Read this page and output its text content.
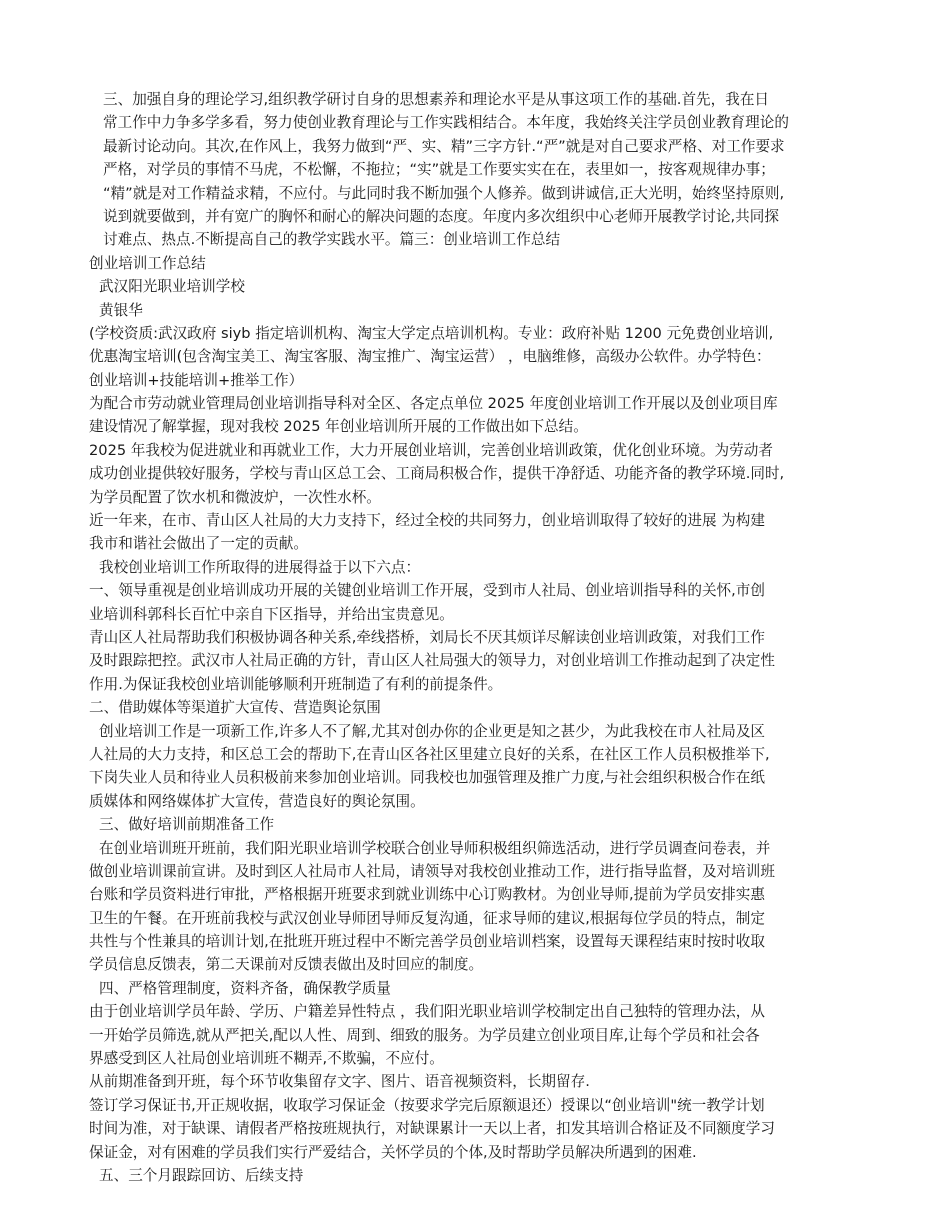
三、加强自身的理论学习,组织教学研讨自身的思想素养和理论水平是从事这项工作的基础.首先，我在日
常工作中力争多学多看，努力使创业教育理论与工作实践相结合。本年度，我始终关注学员创业教育理论的
最新讨论动向。其次,在作风上，我努力做到“严、实、精”三字方针.“严”就是对自己要求严格、对工作要求
严格，对学员的事情不马虎，不松懈，不拖拉；“实”就是工作要实实在在，表里如一，按客观规律办事；
“精”就是对工作精益求精，不应付。与此同时我不断加强个人修养。做到讲诚信,正大光明，始终坚持原则,
说到就要做到，并有宽广的胸怀和耐心的解决问题的态度。年度内多次组织中心老师开展教学讨论,共同探
讨难点、热点.不断提高自己的教学实践水平。篇三：创业培训工作总结
创业培训工作总结
武汉阳光职业培训学校
黄银华
(学校资质:武汉政府 siyb 指定培训机构、淘宝大学定点培训机构。专业：政府补贴 1200 元免费创业培训,
优惠淘宝培训(包含淘宝美工、淘宝客服、淘宝推广、淘宝运营） ，电脑维修，高级办公软件。办学特色：
创业培训+技能培训+推举工作）
为配合市劳动就业管理局创业培训指导科对全区、各定点单位 2025 年度创业培训工作开展以及创业项目库
建设情况了解掌握，现对我校 2025 年创业培训所开展的工作做出如下总结。
2025 年我校为促进就业和再就业工作，大力开展创业培训，完善创业培训政策，优化创业环境。为劳动者
成功创业提供较好服务，学校与青山区总工会、工商局积极合作，提供干净舒适、功能齐备的教学环境.同时,
为学员配置了饮水机和微波炉，一次性水杯。
近一年来，在市、青山区人社局的大力支持下，经过全校的共同努力，创业培训取得了较好的进展 为构建
我市和谐社会做出了一定的贡献。
我校创业培训工作所取得的进展得益于以下六点：
一、领导重视是创业培训成功开展的关键创业培训工作开展，受到市人社局、创业培训指导科的关怀,市创
业培训科郭科长百忙中亲自下区指导，并给出宝贵意见。
青山区人社局帮助我们积极协调各种关系,牵线搭桥，刘局长不厌其烦详尽解读创业培训政策，对我们工作
及时跟踪把控。武汉市人社局正确的方针，青山区人社局强大的领导力，对创业培训工作推动起到了决定性
作用.为保证我校创业培训能够顺利开班制造了有利的前提条件。
二、借助媒体等渠道扩大宣传、营造舆论氛围
创业培训工作是一项新工作,许多人不了解,尤其对创办你的企业更是知之甚少，为此我校在市人社局及区
人社局的大力支持，和区总工会的帮助下,在青山区各社区里建立良好的关系，在社区工作人员积极推举下,
下岗失业人员和待业人员积极前来参加创业培训。同我校也加强管理及推广力度,与社会组织积极合作在纸
质媒体和网络媒体扩大宣传，营造良好的舆论氛围。
三、做好培训前期准备工作
在创业培训班开班前，我们阳光职业培训学校联合创业导师积极组织筛选活动，进行学员调查问卷表，并
做创业培训课前宣讲。及时到区人社局市人社局，请领导对我校创业推动工作，进行指导监督，及对培训班
台账和学员资料进行审批，严格根据开班要求到就业训练中心订购教材。为创业导师,提前为学员安排实惠
卫生的午餐。在开班前我校与武汉创业导师团导师反复沟通，征求导师的建议,根据每位学员的特点，制定
共性与个性兼具的培训计划,在批班开班过程中不断完善学员创业培训档案，设置每天课程结束时按时收取
学员信息反馈表，第二天课前对反馈表做出及时回应的制度。
四、严格管理制度，资料齐备，确保教学质量
由于创业培训学员年龄、学历、户籍差异性特点 ，我们阳光职业培训学校制定出自己独特的管理办法，从
一开始学员筛选,就从严把关,配以人性、周到、细致的服务。为学员建立创业项目库,让每个学员和社会各
界感受到区人社局创业培训班不糊弄,不欺骗，不应付。
从前期准备到开班，每个环节收集留存文字、图片、语音视频资料，长期留存.
签订学习保证书,开正规收据，收取学习保证金（按要求学完后原额退还）授课以“创业培训"统一教学计划
时间为准，对于缺课、请假者严格按班规执行，对缺课累计一天以上者，扣发其培训合格证及不同额度学习
保证金，对有困难的学员我们实行严爱结合，关怀学员的个体,及时帮助学员解决所遇到的困难.
五、三个月跟踪回访、后续支持
